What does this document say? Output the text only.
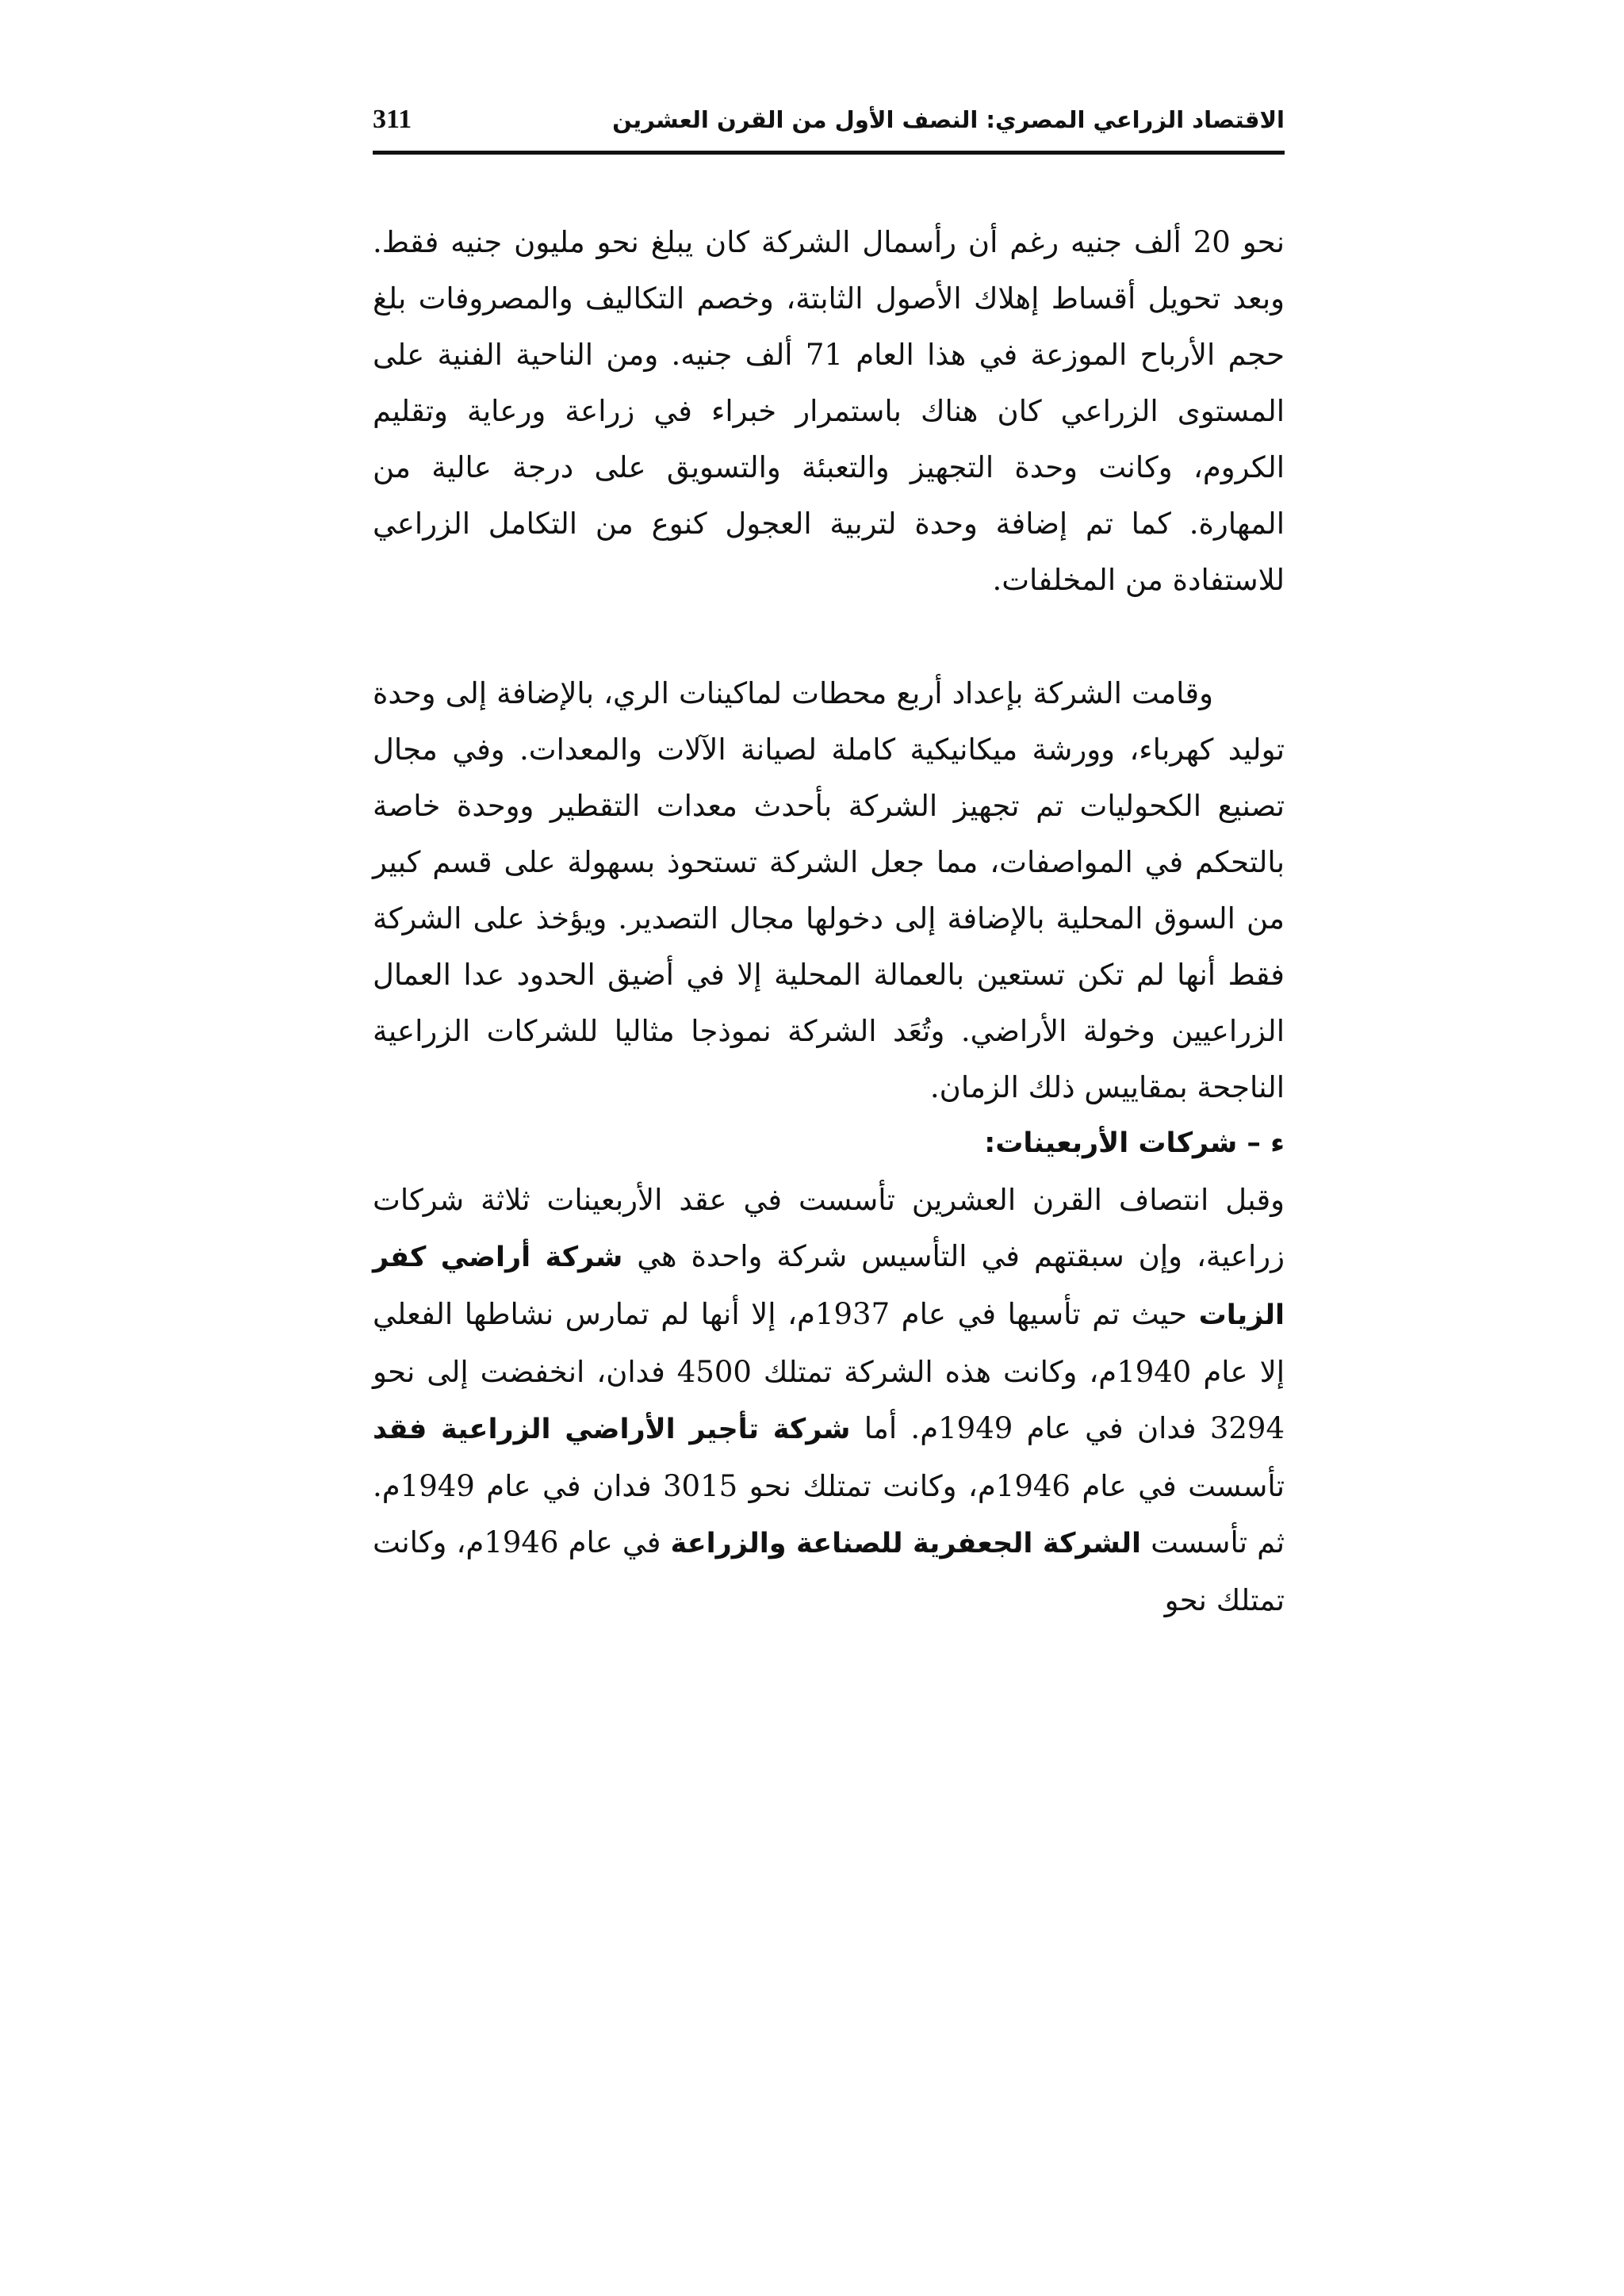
الاقتصاد الزراعي المصري: النصف الأول من القرن العشرين
311

نحو 20 ألف جنيه رغم أن رأسمال الشركة كان يبلغ نحو مليون جنيه فقط. وبعد تحويل أقساط إهلاك الأصول الثابتة، وخصم التكاليف والمصروفات بلغ حجم الأرباح الموزعة في هذا العام 71 ألف جنيه. ومن الناحية الفنية على المستوى الزراعي كان هناك باستمرار خبراء في زراعة ورعاية وتقليم الكروم، وكانت وحدة التجهيز والتعبئة والتسويق على درجة عالية من المهارة. كما تم إضافة وحدة لتربية العجول كنوع من التكامل الزراعي للاستفادة من المخلفات.

وقامت الشركة بإعداد أربع محطات لماكينات الري، بالإضافة إلى وحدة توليد كهرباء، وورشة ميكانيكية كاملة لصيانة الآلات والمعدات. وفي مجال تصنيع الكحوليات تم تجهيز الشركة بأحدث معدات التقطير ووحدة خاصة بالتحكم في المواصفات، مما جعل الشركة تستحوذ بسهولة على قسم كبير من السوق المحلية بالإضافة إلى دخولها مجال التصدير. ويؤخذ على الشركة فقط أنها لم تكن تستعين بالعمالة المحلية إلا في أضيق الحدود عدا العمال الزراعيين وخولة الأراضي. وتُعَد الشركة نموذجا مثاليا للشركات الزراعية الناجحة بمقاييس ذلك الزمان.

ء – شركات الأربعينات:

وقبل انتصاف القرن العشرين تأسست في عقد الأربعينات ثلاثة شركات زراعية، وإن سبقتهم في التأسيس شركة واحدة هي شركة أراضي كفر الزيات حيث تم تأسيها في عام 1937م، إلا أنها لم تمارس نشاطها الفعلي إلا عام 1940م، وكانت هذه الشركة تمتلك 4500 فدان، انخفضت إلى نحو 3294 فدان في عام 1949م. أما شركة تأجير الأراضي الزراعية فقد تأسست في عام 1946م، وكانت تمتلك نحو 3015 فدان في عام 1949م. ثم تأسست الشركة الجعفرية للصناعة والزراعة في عام 1946م، وكانت تمتلك نحو
